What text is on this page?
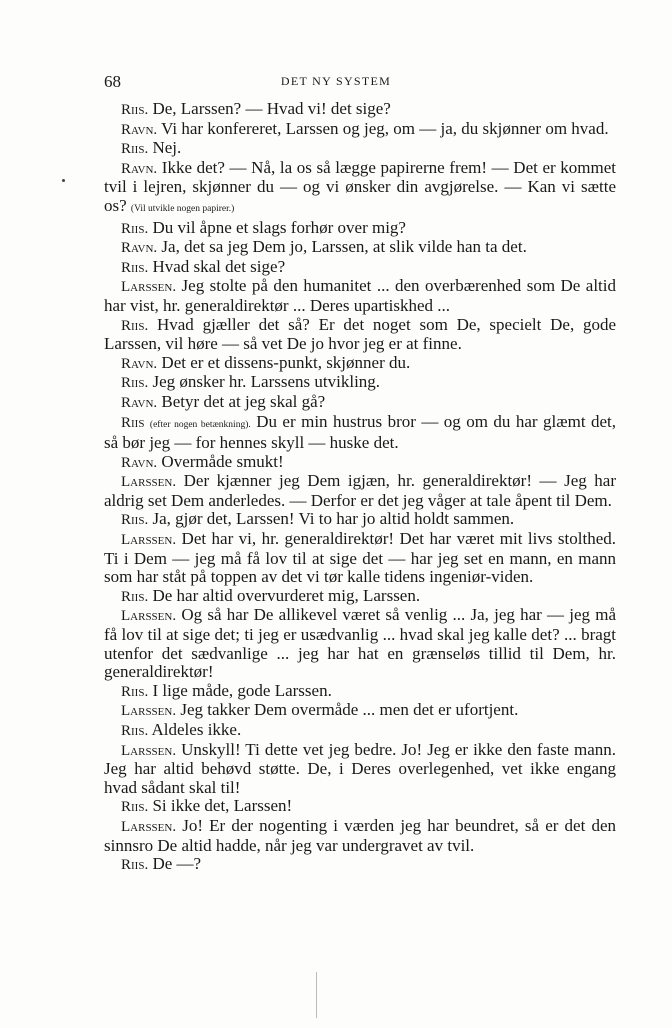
68	DET NY SYSTEM

Riis. De, Larssen? — Hvad vi! det sige?

Ravn. Vi har konfereret, Larssen og jeg, om — ja, du skjønner om hvad.

Riis. Nej.

Ravn. Ikke det? — Nå, la os så lægge papirerne frem! — Det er kommet tvil i lejren, skjønner du — og vi ønsker din avgjørelse. — Kan vi sætte os? (Vil utvikle nogen papirer.)

Riis. Du vil åpne et slags forhør over mig?

Ravn. Ja, det sa jeg Dem jo, Larssen, at slik vilde han ta det.

Riis. Hvad skal det sige?

Larssen. Jeg stolte på den humanitet ... den overbærenhed som De altid har vist, hr. generaldirektør ... Deres upartiskhed ...

Riis. Hvad gjæller det så? Er det noget som De, specielt De, gode Larssen, vil høre — så vet De jo hvor jeg er at finne.

Ravn. Det er et dissens-punkt, skjønner du.

Riis. Jeg ønsker hr. Larssens utvikling.

Ravn. Betyr det at jeg skal gå?

Riis (efter nogen betænkning). Du er min hustrus bror — og om du har glæmt det, så bør jeg — for hennes skyll — huske det.

Ravn. Overmåde smukt!

Larssen. Der kjænner jeg Dem igjæn, hr. generaldirektør! — Jeg har aldrig set Dem anderledes. — Derfor er det jeg våger at tale åpent til Dem.

Riis. Ja, gjør det, Larssen! Vi to har jo altid holdt sammen.

Larssen. Det har vi, hr. generaldirektør! Det har været mit livs stolthed. Ti i Dem — jeg må få lov til at sige det — har jeg set en mann, en mann som har ståt på toppen av det vi tør kalle tidens ingeniør-viden.

Riis. De har altid overvurderet mig, Larssen.

Larssen. Og så har De allikevel været så venlig ... Ja, jeg har — jeg må få lov til at sige det; ti jeg er usædvanlig ... hvad skal jeg kalle det? ... bragt utenfor det sædvanlige ... jeg har hat en grænseløs tillid til Dem, hr. generaldirektør!

Riis. I lige måde, gode Larssen.

Larssen. Jeg takker Dem overmåde ... men det er ufortjent.

Riis. Aldeles ikke.

Larssen. Unskyll! Ti dette vet jeg bedre. Jo! Jeg er ikke den faste mann. Jeg har altid behøvd støtte. De, i Deres overlegenhed, vet ikke engang hvad sådant skal til!

Riis. Si ikke det, Larssen!

Larssen. Jo! Er der nogenting i værden jeg har beundret, så er det den sinnsro De altid hadde, når jeg var undergravet av tvil.

Riis. De —?
